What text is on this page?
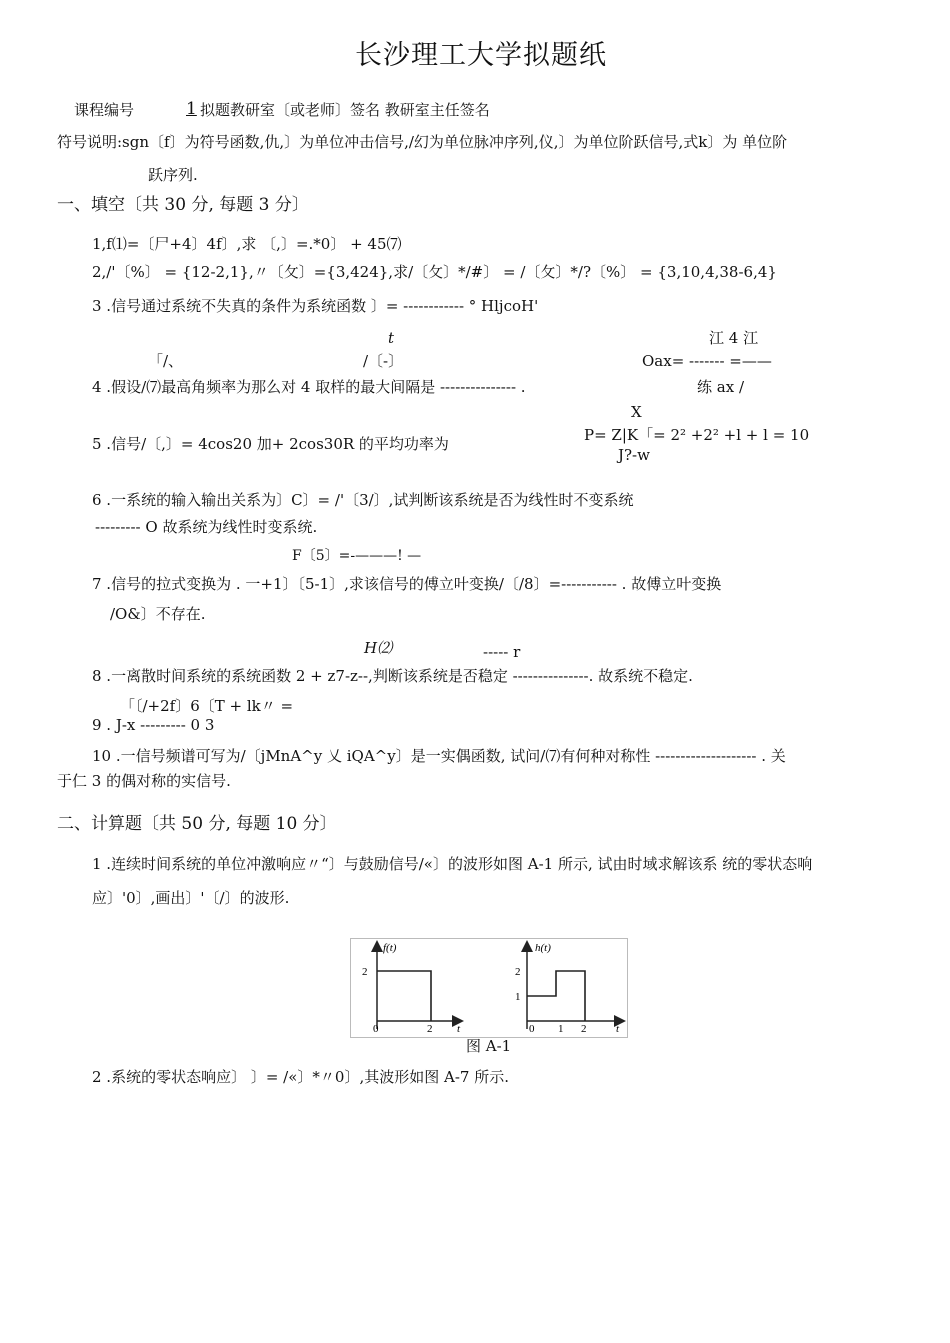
长沙理工大学拟题纸
课程编号	1 拟题教研室〔或老师〕签名 教研室主任签名
符号说明:sgn〔f〕为符号函数,仇,〕为单位冲击信号,/幻为单位脉冲序列,仪,〕为单位阶跃信号,式k〕为 单位阶
跃序列.
一、填空〔共 30 分, 每题 3 分〕
1,f⑴=〔尸+4〕4f〕,求 〔,〕=.*0〕 + 45⑺
2,/'〔%〕 = {12-2,1},〃〔攵〕={3,424},求/〔攵〕*/#〕 = /〔攵〕*/?〔%〕 = {3,10,4,38-6,4}
3 .信号通过系统不失真的条件为系统函数 〕= ------------ ° HljcoH'
t	江 4 江
「/、	/〔-〕	Oax= ------- =——
4 .假设/⑺最高角频率为那么对 4 取样的最大间隔是 --------------- .	练 ax /
X
5 .信号/〔,〕= 4cos20 加+ 2cos30R 的平均功率为	P= Z|K「= 2² +2² +l + l = 10
J?-w
6 .一系统的输入输出关系为〕C〕= /'〔3/〕,试判断该系统是否为线性时不变系统
--------- O 故系统为线性时变系统.
F〔5〕=-———! —
7 .信号的拉式变换为 . 一+1〕〔5-1〕,求该信号的傅立叶变换/〔/8〕=----------- . 故傅立叶变换
/O&〕不存在.
H⑵	----- r
8 .一离散时间系统的系统函数 2 + z7-z--,判断该系统是否稳定 ---------------. 故系统不稳定.
「〔/+2f〕6〔T + lk〃 =
9 . J-x --------- 0 3
10 .一信号频谱可写为/〔jMnA^y 乂 iQA^y〕是一实偶函数, 试问/⑺有何种对称性 -------------------- . 关
于仁 3 的偶对称的实信号.
二、计算题〔共 50 分, 每题 10 分〕
1 .连续时间系统的单位冲激响应〃“〕与鼓励信号/«〕的波形如图 A-1 所示, 试由时域求解该系 统的零状态响
应〕'0〕,画出〕'〔/〕的波形.
f(t)
2
0	2 t
h(t)
2
1
0 1 2	t
图 A-1
2 .系统的零状态响应〕 〕= /«〕*〃0〕,其波形如图 A-7 所示.
